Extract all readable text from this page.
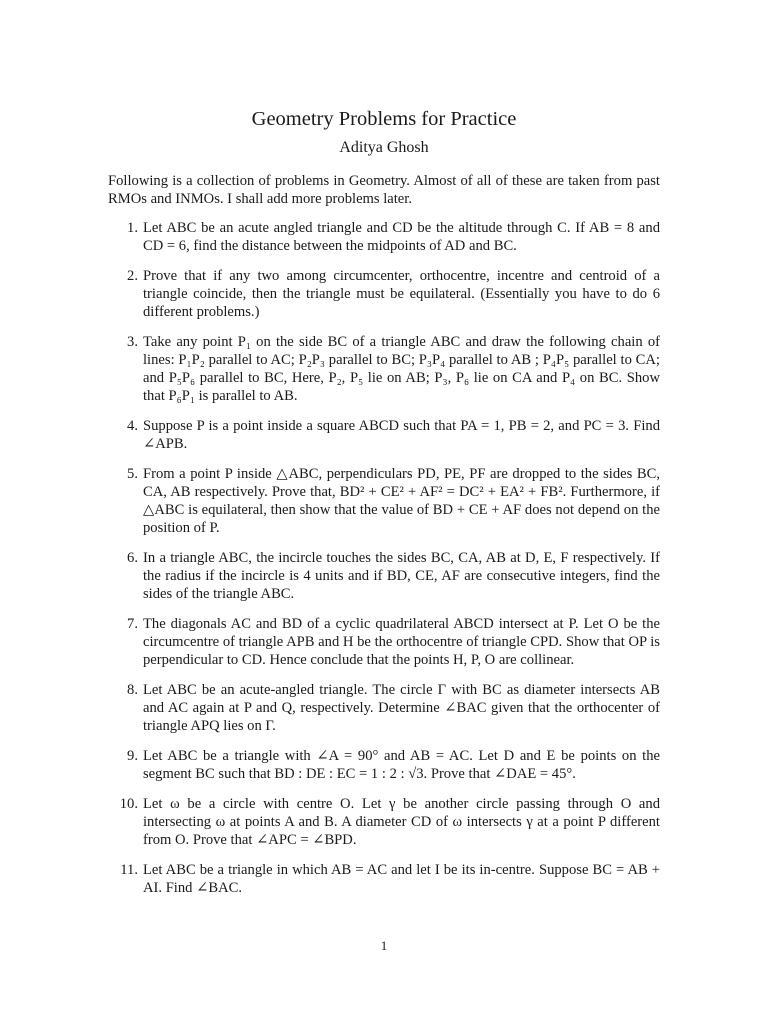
Geometry Problems for Practice
Aditya Ghosh

Following is a collection of problems in Geometry. Almost of all of these are taken from past RMOs and INMOs. I shall add more problems later.

1. Let ABC be an acute angled triangle and CD be the altitude through C. If AB = 8 and CD = 6, find the distance between the midpoints of AD and BC.
2. Prove that if any two among circumcenter, orthocentre, incentre and centroid of a triangle coincide, then the triangle must be equilateral. (Essentially you have to do 6 different problems.)
3. Take any point P₁ on the side BC of a triangle ABC and draw the following chain of lines: P₁P₂ parallel to AC; P₂P₃ parallel to BC; P₃P₄ parallel to AB ; P₄P₅ parallel to CA; and P₅P₆ parallel to BC, Here, P₂, P₅ lie on AB; P₃, P₆ lie on CA and P₄ on BC. Show that P₆P₁ is parallel to AB.
4. Suppose P is a point inside a square ABCD such that PA = 1, PB = 2, and PC = 3. Find ∠APB.
5. From a point P inside △ABC, perpendiculars PD, PE, PF are dropped to the sides BC, CA, AB respectively. Prove that, BD² + CE² + AF² = DC² + EA² + FB². Furthermore, if △ABC is equilateral, then show that the value of BD + CE + AF does not depend on the position of P.
6. In a triangle ABC, the incircle touches the sides BC, CA, AB at D, E, F respectively. If the radius if the incircle is 4 units and if BD, CE, AF are consecutive integers, find the sides of the triangle ABC.
7. The diagonals AC and BD of a cyclic quadrilateral ABCD intersect at P. Let O be the circumcentre of triangle APB and H be the orthocentre of triangle CPD. Show that OP is perpendicular to CD. Hence conclude that the points H, P, O are collinear.
8. Let ABC be an acute-angled triangle. The circle Γ with BC as diameter intersects AB and AC again at P and Q, respectively. Determine ∠BAC given that the orthocenter of triangle APQ lies on Γ.
9. Let ABC be a triangle with ∠A = 90° and AB = AC. Let D and E be points on the segment BC such that BD : DE : EC = 1 : 2 : √3. Prove that ∠DAE = 45°.
10. Let ω be a circle with centre O. Let γ be another circle passing through O and intersecting ω at points A and B. A diameter CD of ω intersects γ at a point P different from O. Prove that ∠APC = ∠BPD.
11. Let ABC be a triangle in which AB = AC and let I be its in-centre. Suppose BC = AB + AI. Find ∠BAC.
1
